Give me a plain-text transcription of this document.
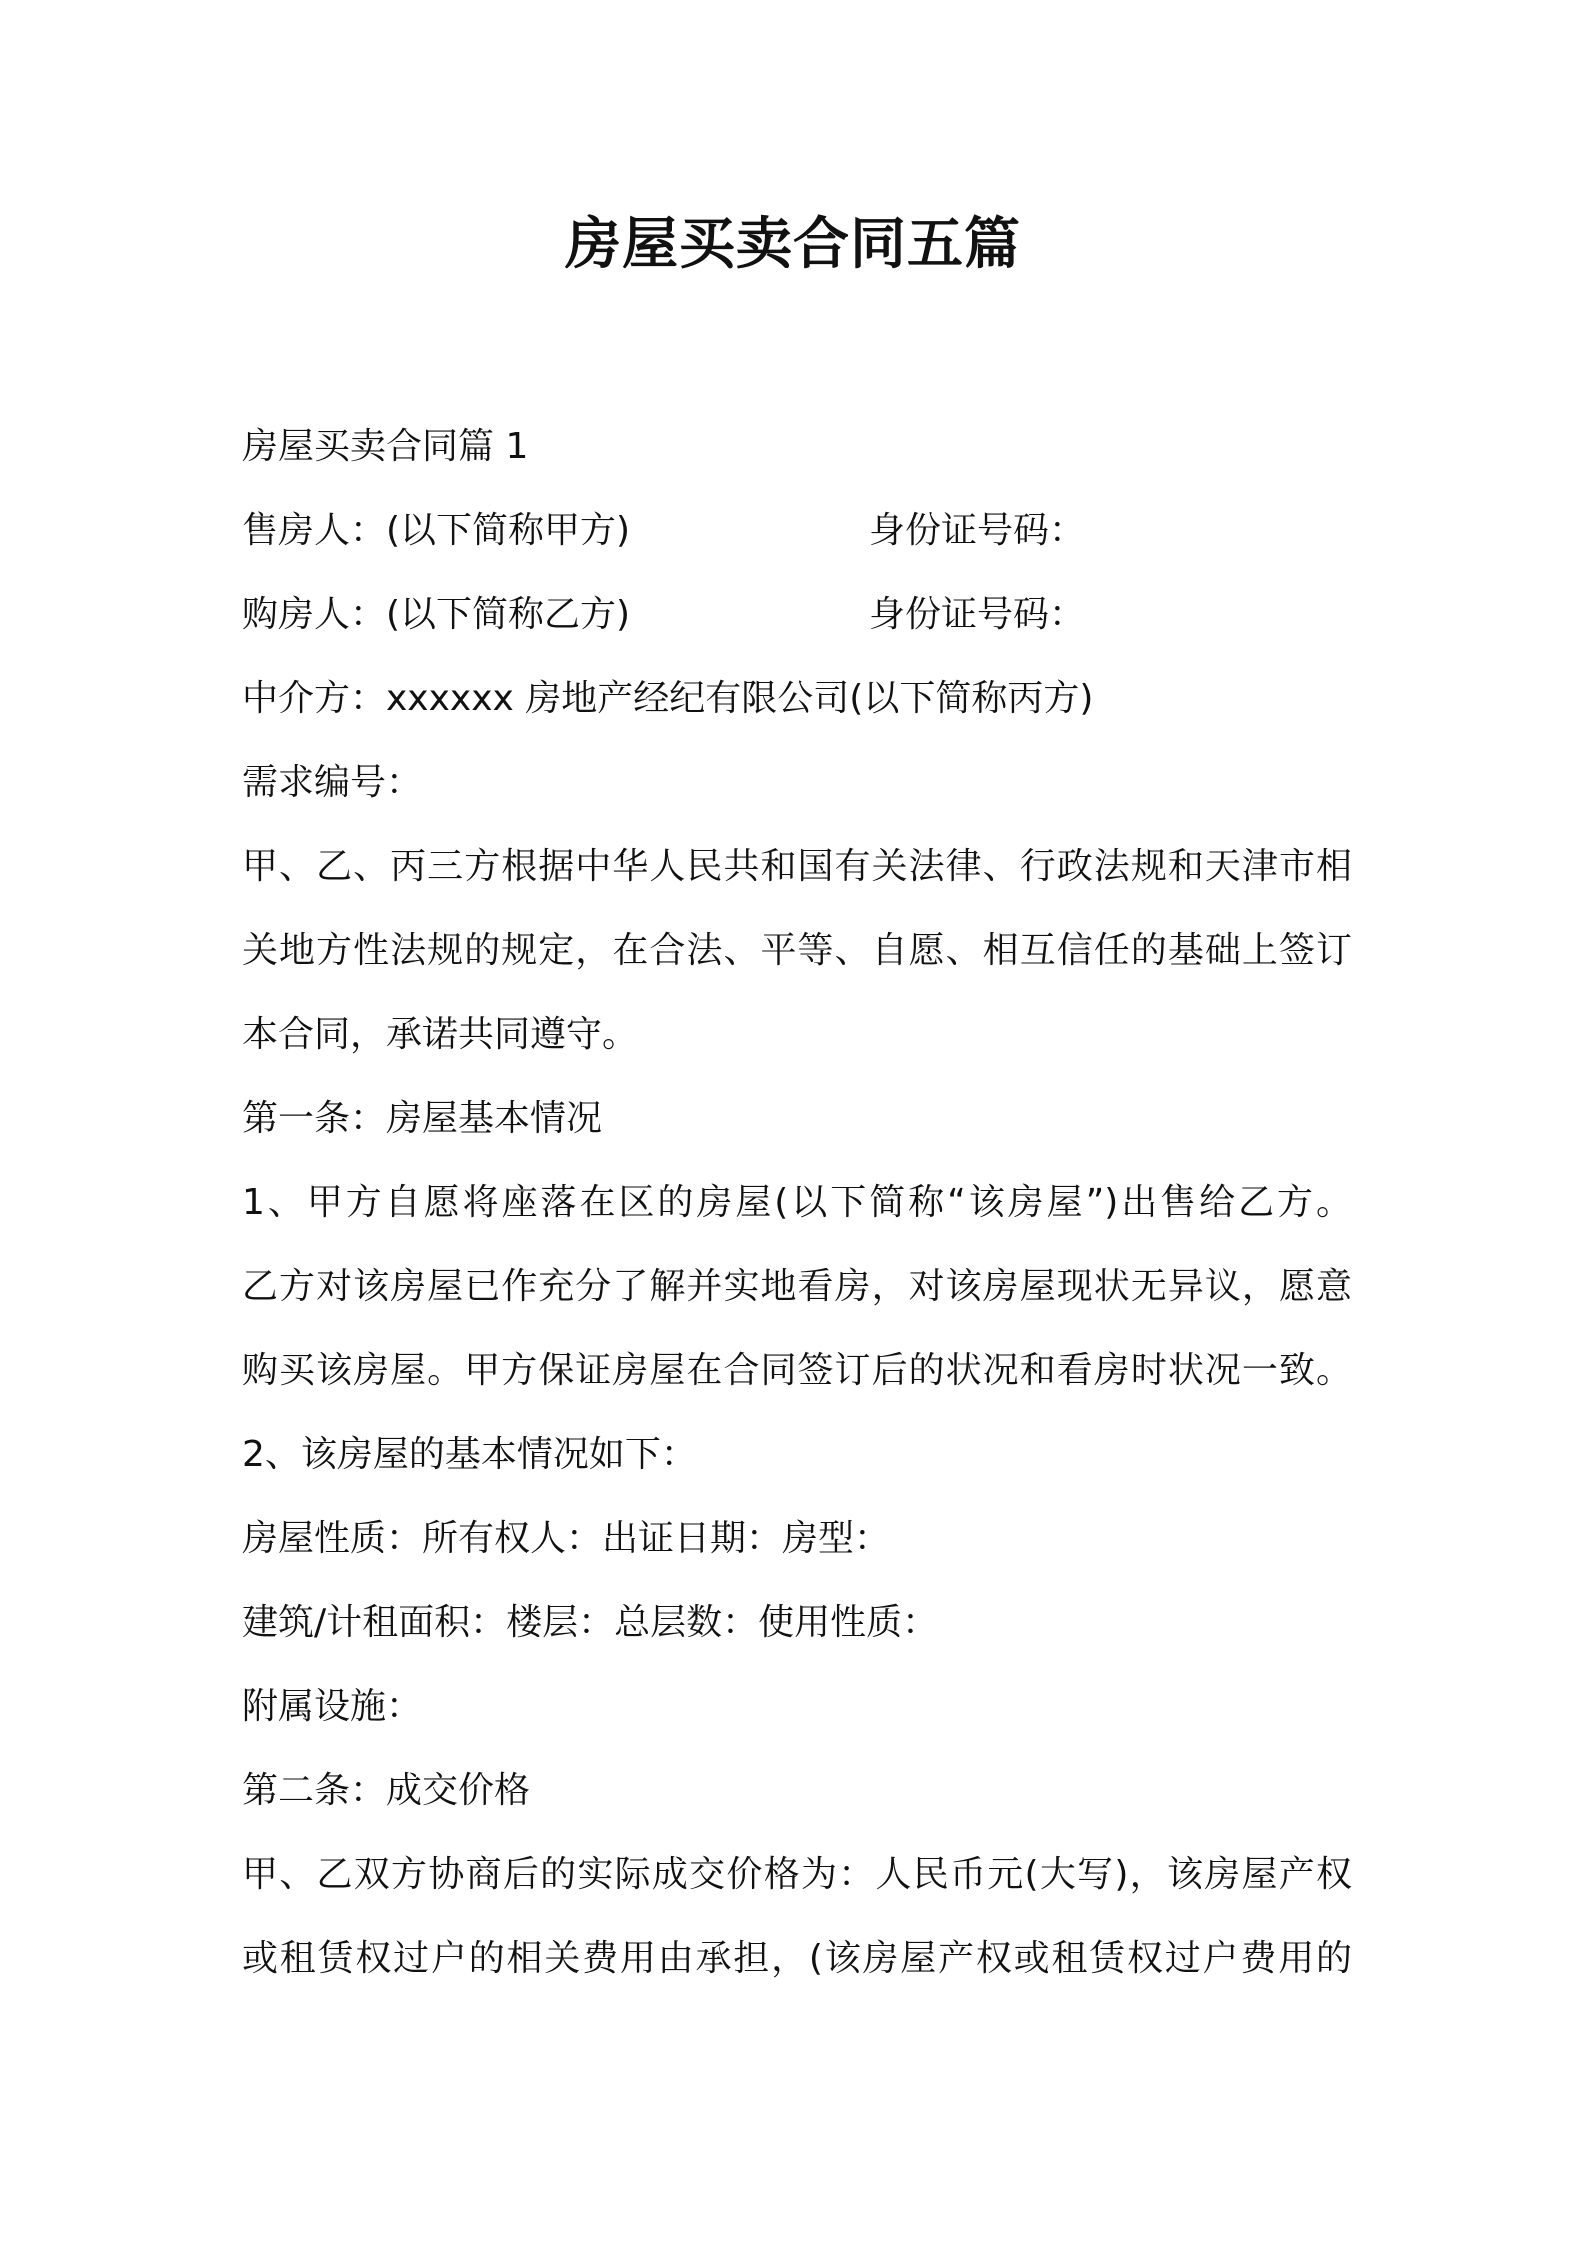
房屋买卖合同五篇
房屋买卖合同篇 1
售房人：(以下简称甲方)	身份证号码：
购房人：(以下简称乙方)	身份证号码：
中介方：xxxxxx 房地产经纪有限公司(以下简称丙方)
需求编号：
甲、乙、丙三方根据中华人民共和国有关法律、行政法规和天津市相
关地方性法规的规定，在合法、平等、自愿、相互信任的基础上签订
本合同，承诺共同遵守。
第一条：房屋基本情况
1、甲方自愿将座落在区的房屋(以下简称“该房屋”)出售给乙方。
乙方对该房屋已作充分了解并实地看房，对该房屋现状无异议，愿意
购买该房屋。甲方保证房屋在合同签订后的状况和看房时状况一致。
2、该房屋的基本情况如下：
房屋性质：所有权人：出证日期：房型：
建筑/计租面积：楼层：总层数：使用性质：
附属设施：
第二条：成交价格
甲、乙双方协商后的实际成交价格为：人民币元(大写)，该房屋产权
或租赁权过户的相关费用由承担，(该房屋产权或租赁权过户费用的
